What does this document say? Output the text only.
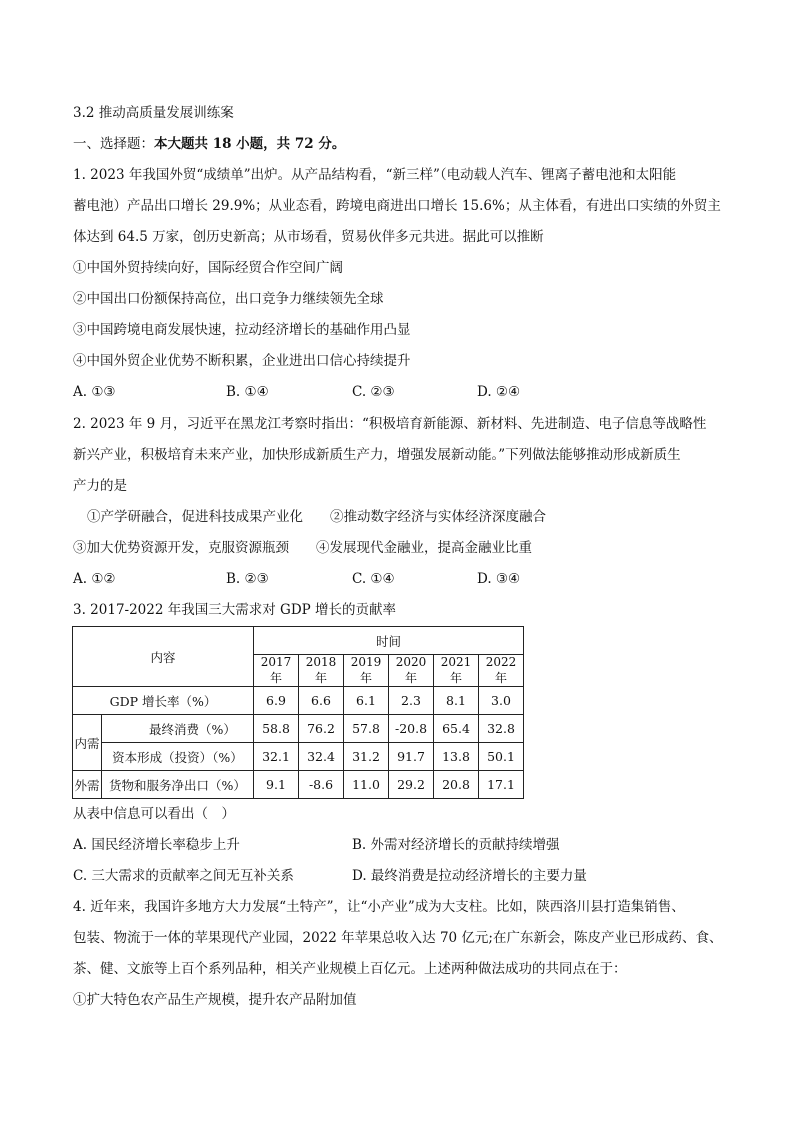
3.2 推动高质量发展训练案
一、选择题：本大题共 18 小题，共 72 分。
1. 2023 年我国外贸“成绩单”出炉。从产品结构看，“新三样”（电动载人汽车、锂离子蓄电池和太阳能
蓄电池）产品出口增长 29.9%；从业态看，跨境电商进出口增长 15.6%；从主体看，有进出口实绩的外贸主
体达到 64.5 万家，创历史新高；从市场看，贸易伙伴多元共进。据此可以推断
①中国外贸持续向好，国际经贸合作空间广阔
②中国出口份额保持高位，出口竞争力继续领先全球
③中国跨境电商发展快速，拉动经济增长的基础作用凸显
④中国外贸企业优势不断积累，企业进出口信心持续提升
A. ①③	B. ①④	C. ②③	D. ②④
2. 2023 年 9 月，习近平在黑龙江考察时指出：“积极培育新能源、新材料、先进制造、电子信息等战略性
新兴产业，积极培育未来产业，加快形成新质生产力，增强发展新动能。”下列做法能够推动形成新质生
产力的是
①产学研融合，促进科技成果产业化　　②推动数字经济与实体经济深度融合
③加大优势资源开发，克服资源瓶颈　　④发展现代金融业，提高金融业比重
A. ①②	B. ②③	C. ①④	D. ③④
3. 2017-2022 年我国三大需求对 GDP 增长的贡献率
内容		时间					
		2017 年	2018 年	2019 年	2020 年	2021 年	2022 年
GDP 增长率（%）		6.9	6.6	6.1	2.3	8.1	3.0
内需	最终消费（%）	58.8	76.2	57.8	-20.8	65.4	32.8
	资本形成（投资）（%）	32.1	32.4	31.2	91.7	13.8	50.1
外需	货物和服务净出口（%）	9.1	-8.6	11.0	29.2	20.8	17.1
从表中信息可以看出（　）
A. 国民经济增长率稳步上升	B. 外需对经济增长的贡献持续增强
C. 三大需求的贡献率之间无互补关系	D. 最终消费是拉动经济增长的主要力量
4. 近年来，我国许多地方大力发展“土特产”，让“小产业”成为大支柱。比如，陕西洛川县打造集销售、
包装、物流于一体的苹果现代产业园，2022 年苹果总收入达 70 亿元;在广东新会，陈皮产业已形成药、食、
茶、健、文旅等上百个系列品种，相关产业规模上百亿元。上述两种做法成功的共同点在于：
①扩大特色农产品生产规模，提升农产品附加值
